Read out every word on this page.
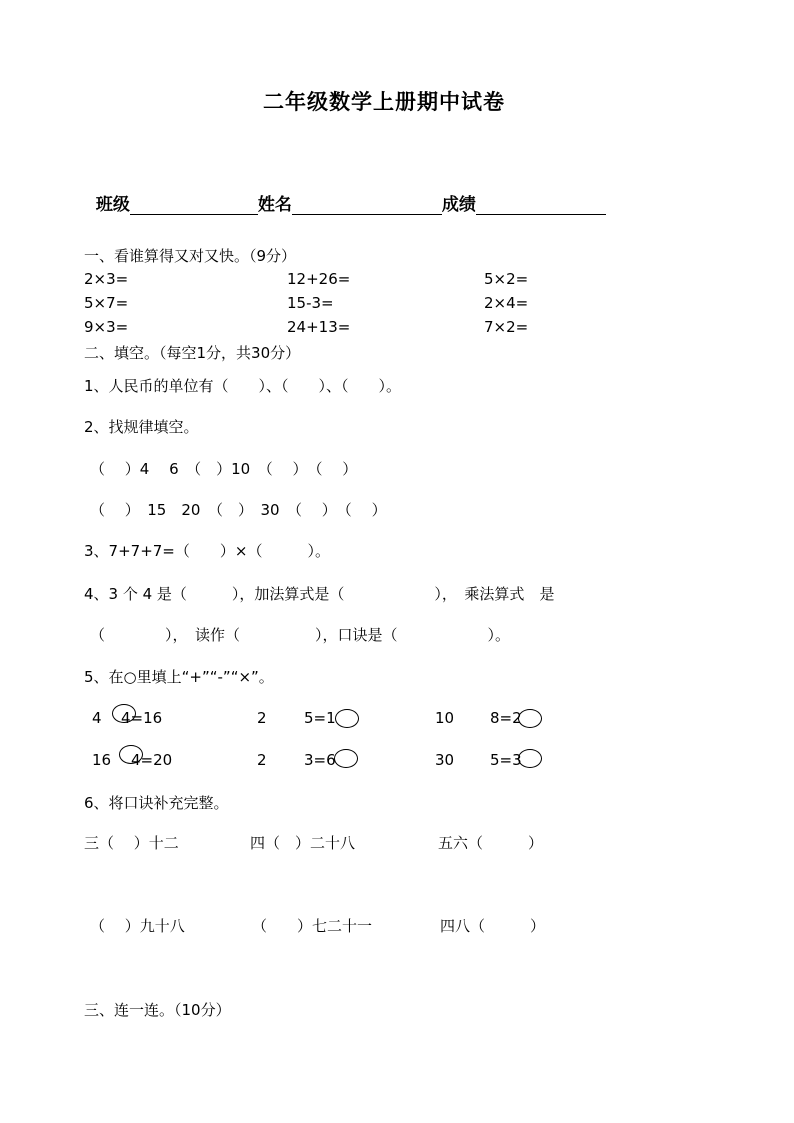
二年级数学上册期中试卷

班级	姓名	成绩

一、看谁算得又对又快。（9分）
2×3=	12+26=	5×2=
5×7=	15-3=	2×4=
9×3=	24+13=	7×2=
二、填空。（每空1分，共30分）
1、人民币的单位有（　　）、（　　）、（　　）。
2、找规律填空。
（　 ）4　 6　（　）10　（　 ）　（　 ）
（　 ）　15　20　（　）　30　（　 ）　（　 ）
3、7+7+7=（　　）×（　　　）。
4、3 个 4 是（　　　），加法算式是（　　　　　　），　乘法算式　是
（　　　　），　读作（　　　　　），口诀是（　　　　　　）。
5、在○里填上“+”“-”“×”。
4 4=16	2 5=1	10 8=2
16 4=20	2 3=6	30 5=3
6、将口诀补充完整。
三（　 ）十二	四（　）二十八	五六（　　　）
（　 ）九十八	（　　）七二十一	四八（　　　）
三、连一连。（10分）
